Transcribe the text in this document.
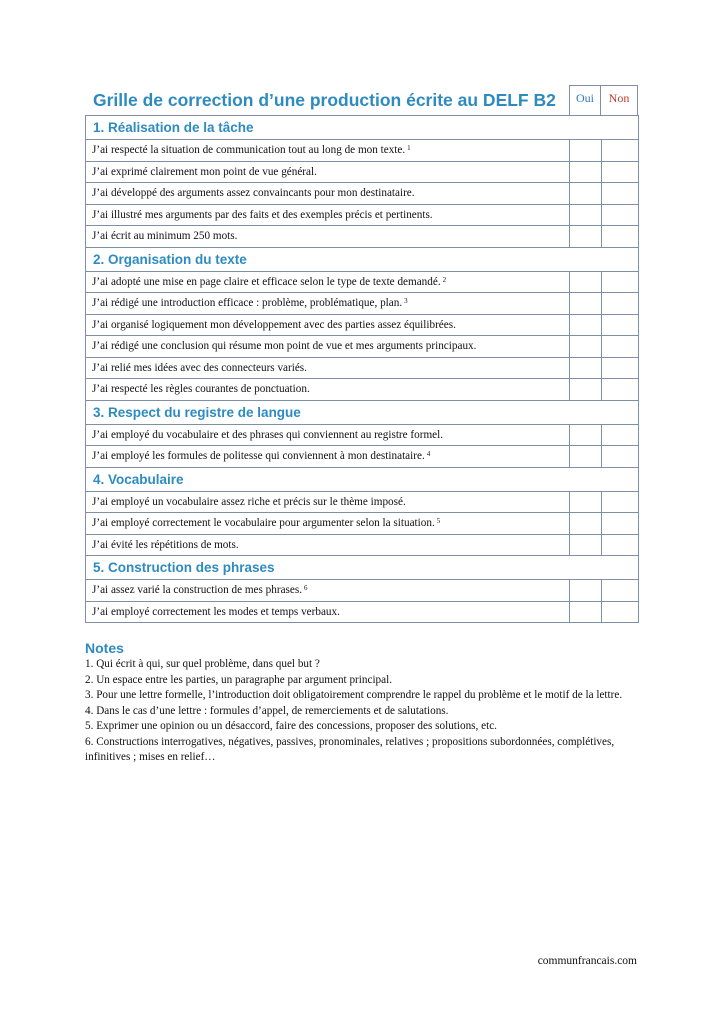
Grille de correction d’une production écrite au DELF B2	Oui	Non
1. Réalisation de la tâche		
J’ai respecté la situation de communication tout au long de mon texte. $^1$		
J’ai exprimé clairement mon point de vue général.		
J’ai développé des arguments assez convaincants pour mon destinataire.		
J’ai illustré mes arguments par des faits et des exemples précis et pertinents.		
J’ai écrit au minimum 250 mots.		
2. Organisation du texte		
J’ai adopté une mise en page claire et efficace selon le type de texte demandé. $^2$		
J’ai rédigé une introduction efficace : problème, problématique, plan. $^3$		
J’ai organisé logiquement mon développement avec des parties assez équilibrées.		
J’ai rédigé une conclusion qui résume mon point de vue et mes arguments principaux.		
J’ai relié mes idées avec des connecteurs variés.		
J’ai respecté les règles courantes de ponctuation.		
3. Respect du registre de langue		
J’ai employé du vocabulaire et des phrases qui conviennent au registre formel.		
J’ai employé les formules de politesse qui conviennent à mon destinataire. $^4$		
4. Vocabulaire		
J’ai employé un vocabulaire assez riche et précis sur le thème imposé.		
J’ai employé correctement le vocabulaire pour argumenter selon la situation. $^5$		
J’ai évité les répétitions de mots.		
5. Construction des phrases		
J’ai assez varié la construction de mes phrases. $^6$		
J’ai employé correctement les modes et temps verbaux.		
Notes
1. Qui écrit à qui, sur quel problème, dans quel but ?
2. Un espace entre les parties, un paragraphe par argument principal.
3. Pour une lettre formelle, l’introduction doit obligatoirement comprendre le rappel du problème et le motif de la lettre.
4. Dans le cas d’une lettre : formules d’appel, de remerciements et de salutations.
5. Exprimer une opinion ou un désaccord, faire des concessions, proposer des solutions, etc.
6. Constructions interrogatives, négatives, passives, pronominales, relatives ; propositions subordonnées, complétives, infinitives ; mises en relief…
communfrancais.com
